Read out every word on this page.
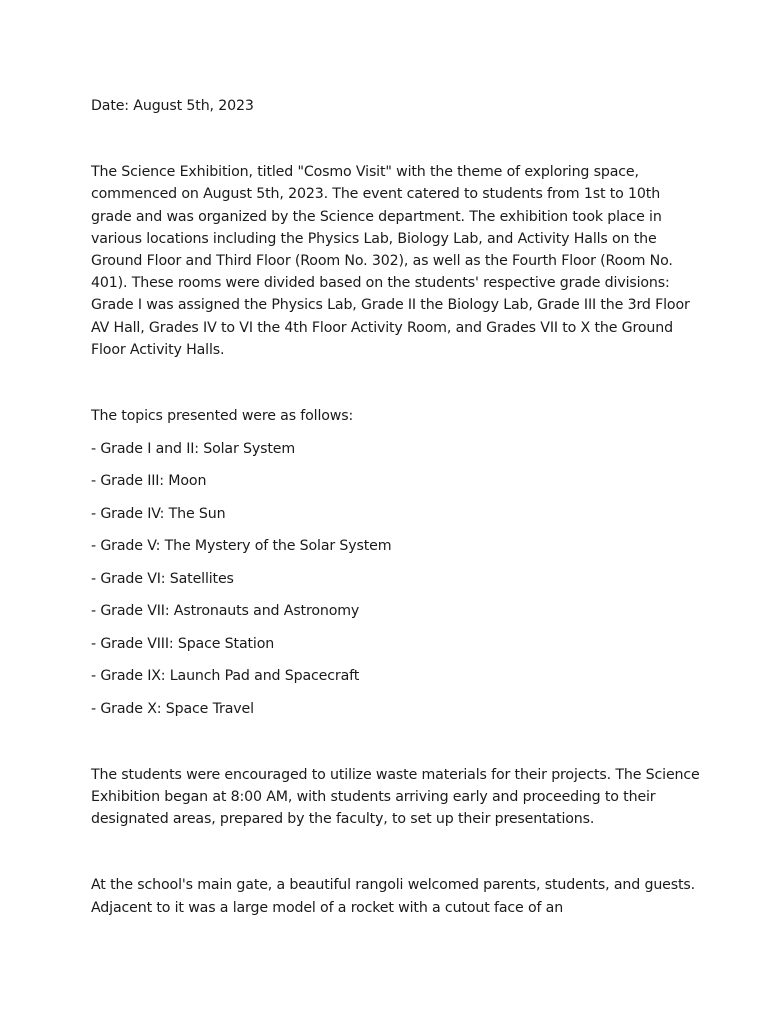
Date: August 5th, 2023

The Science Exhibition, titled "Cosmo Visit" with the theme of exploring space, commenced on August 5th, 2023. The event catered to students from 1st to 10th grade and was organized by the Science department. The exhibition took place in various locations including the Physics Lab, Biology Lab, and Activity Halls on the Ground Floor and Third Floor (Room No. 302), as well as the Fourth Floor (Room No. 401). These rooms were divided based on the students' respective grade divisions: Grade I was assigned the Physics Lab, Grade II the Biology Lab, Grade III the 3rd Floor AV Hall, Grades IV to VI the 4th Floor Activity Room, and Grades VII to X the Ground Floor Activity Halls.

The topics presented were as follows:

- Grade I and II: Solar System
- Grade III: Moon
- Grade IV: The Sun
- Grade V: The Mystery of the Solar System
- Grade VI: Satellites
- Grade VII: Astronauts and Astronomy
- Grade VIII: Space Station
- Grade IX: Launch Pad and Spacecraft
- Grade X: Space Travel

The students were encouraged to utilize waste materials for their projects. The Science Exhibition began at 8:00 AM, with students arriving early and proceeding to their designated areas, prepared by the faculty, to set up their presentations.

At the school's main gate, a beautiful rangoli welcomed parents, students, and guests. Adjacent to it was a large model of a rocket with a cutout face of an
